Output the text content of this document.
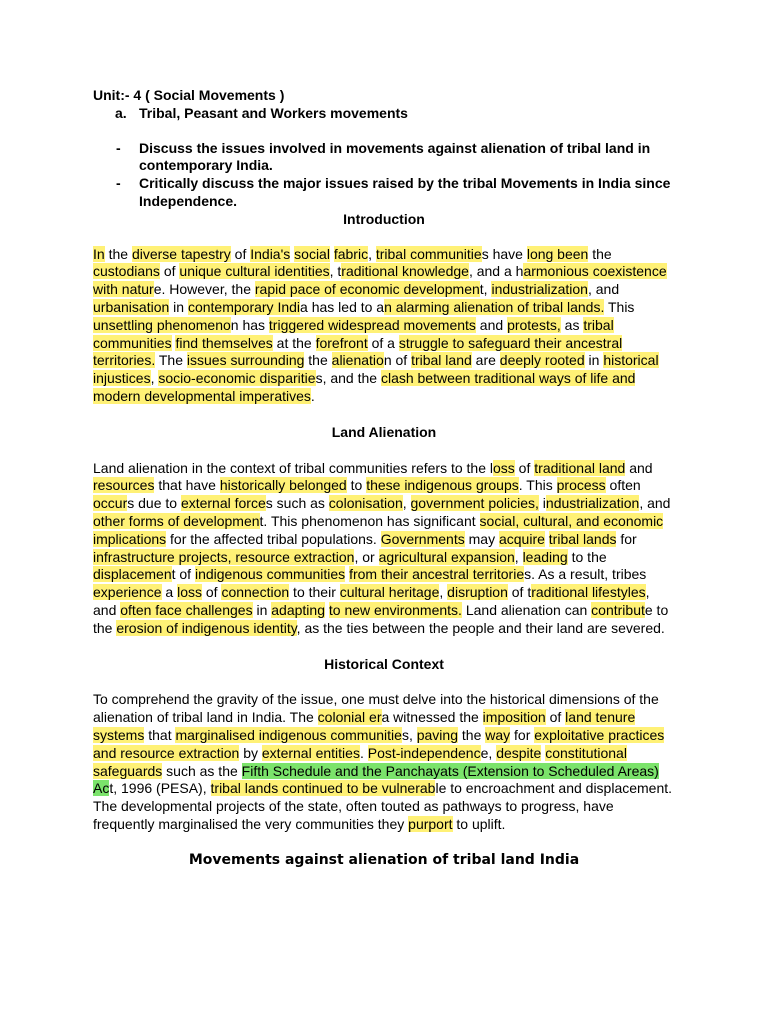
Unit:- 4 ( Social Movements )

a. Tribal, Peasant and Workers movements

-	Discuss the issues involved in movements against alienation of tribal land in contemporary India.
-	Critically discuss the major issues raised by the tribal Movements in India since Independence.

Introduction

In the diverse tapestry of India's social fabric, tribal communities have long been the custodians of unique cultural identities, traditional knowledge, and a harmonious coexistence with nature. However, the rapid pace of economic development, industrialization, and urbanisation in contemporary India has led to an alarming alienation of tribal lands. This unsettling phenomenon has triggered widespread movements and protests, as tribal communities find themselves at the forefront of a struggle to safeguard their ancestral territories. The issues surrounding the alienation of tribal land are deeply rooted in historical injustices, socio-economic disparities, and the clash between traditional ways of life and modern developmental imperatives.

Land Alienation

Land alienation in the context of tribal communities refers to the loss of traditional land and resources that have historically belonged to these indigenous groups. This process often occurs due to external forces such as colonisation, government policies, industrialization, and other forms of development. This phenomenon has significant social, cultural, and economic implications for the affected tribal populations. Governments may acquire tribal lands for infrastructure projects, resource extraction, or agricultural expansion, leading to the displacement of indigenous communities from their ancestral territories. As a result, tribes experience a loss of connection to their cultural heritage, disruption of traditional lifestyles, and often face challenges in adapting to new environments. Land alienation can contribute to the erosion of indigenous identity, as the ties between the people and their land are severed.

Historical Context

To comprehend the gravity of the issue, one must delve into the historical dimensions of the alienation of tribal land in India. The colonial era witnessed the imposition of land tenure systems that marginalised indigenous communities, paving the way for exploitative practices and resource extraction by external entities. Post-independence, despite constitutional safeguards such as the Fifth Schedule and the Panchayats (Extension to Scheduled Areas) Act, 1996 (PESA), tribal lands continued to be vulnerable to encroachment and displacement. The developmental projects of the state, often touted as pathways to progress, have frequently marginalised the very communities they purport to uplift.

Movements against alienation of tribal land India
